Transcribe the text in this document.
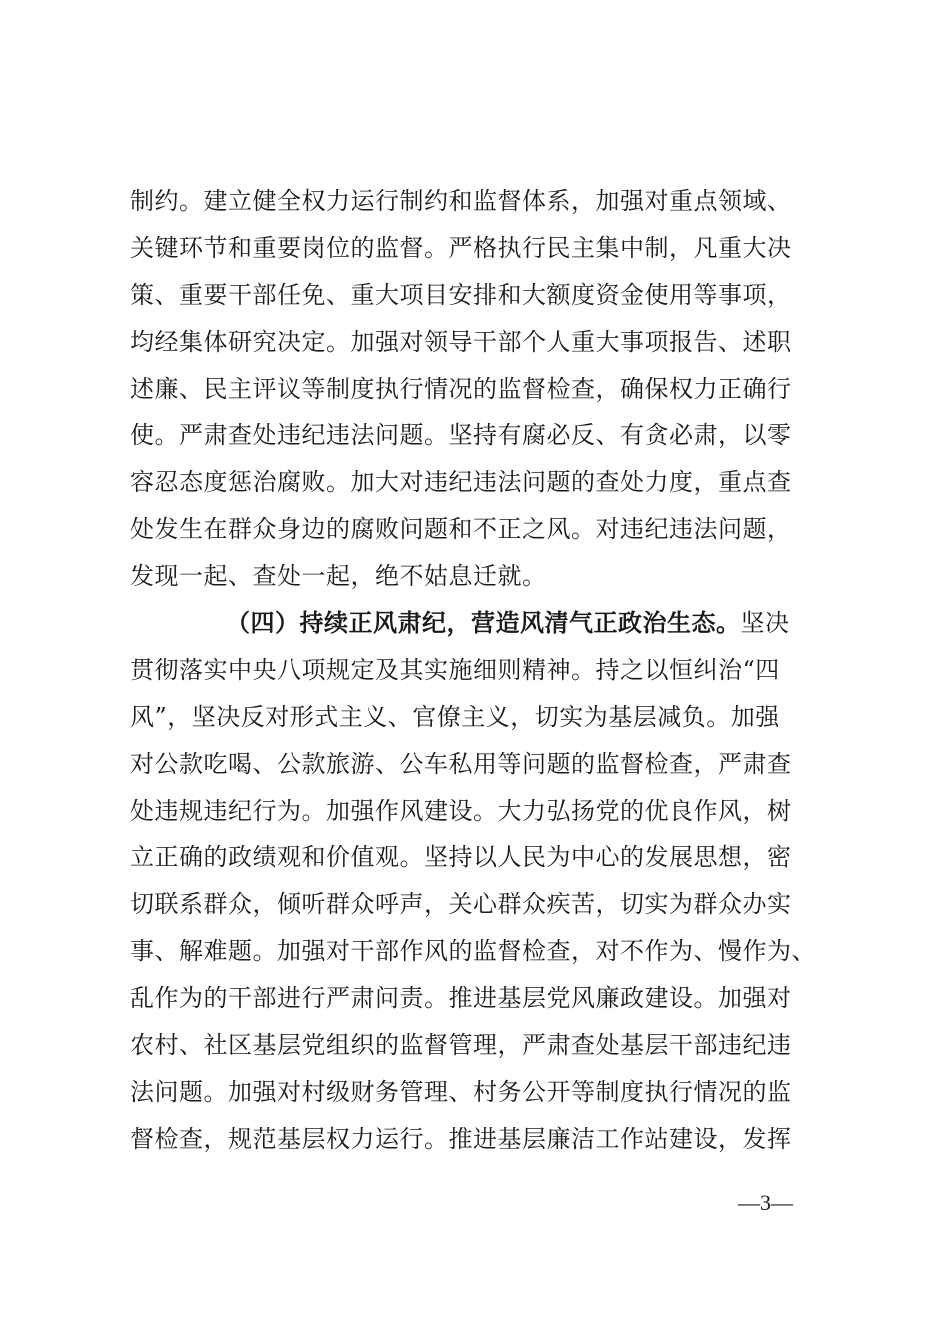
制约。建立健全权力运行制约和监督体系，加强对重点领域、
关键环节和重要岗位的监督。严格执行民主集中制，凡重大决
策、重要干部任免、重大项目安排和大额度资金使用等事项，
均经集体研究决定。加强对领导干部个人重大事项报告、述职
述廉、民主评议等制度执行情况的监督检查，确保权力正确行
使。严肃查处违纪违法问题。坚持有腐必反、有贪必肃，以零
容忍态度惩治腐败。加大对违纪违法问题的查处力度，重点查
处发生在群众身边的腐败问题和不正之风。对违纪违法问题，
发现一起、查处一起，绝不姑息迁就。
（四）持续正风肃纪，营造风清气正政治生态。坚决
贯彻落实中央八项规定及其实施细则精神。持之以恒纠治“四
风”，坚决反对形式主义、官僚主义，切实为基层减负。加强
对公款吃喝、公款旅游、公车私用等问题的监督检查，严肃查
处违规违纪行为。加强作风建设。大力弘扬党的优良作风，树
立正确的政绩观和价值观。坚持以人民为中心的发展思想，密
切联系群众，倾听群众呼声，关心群众疾苦，切实为群众办实
事、解难题。加强对干部作风的监督检查，对不作为、慢作为、
乱作为的干部进行严肃问责。推进基层党风廉政建设。加强对
农村、社区基层党组织的监督管理，严肃查处基层干部违纪违
法问题。加强对村级财务管理、村务公开等制度执行情况的监
督检查，规范基层权力运行。推进基层廉洁工作站建设，发挥
—3—
